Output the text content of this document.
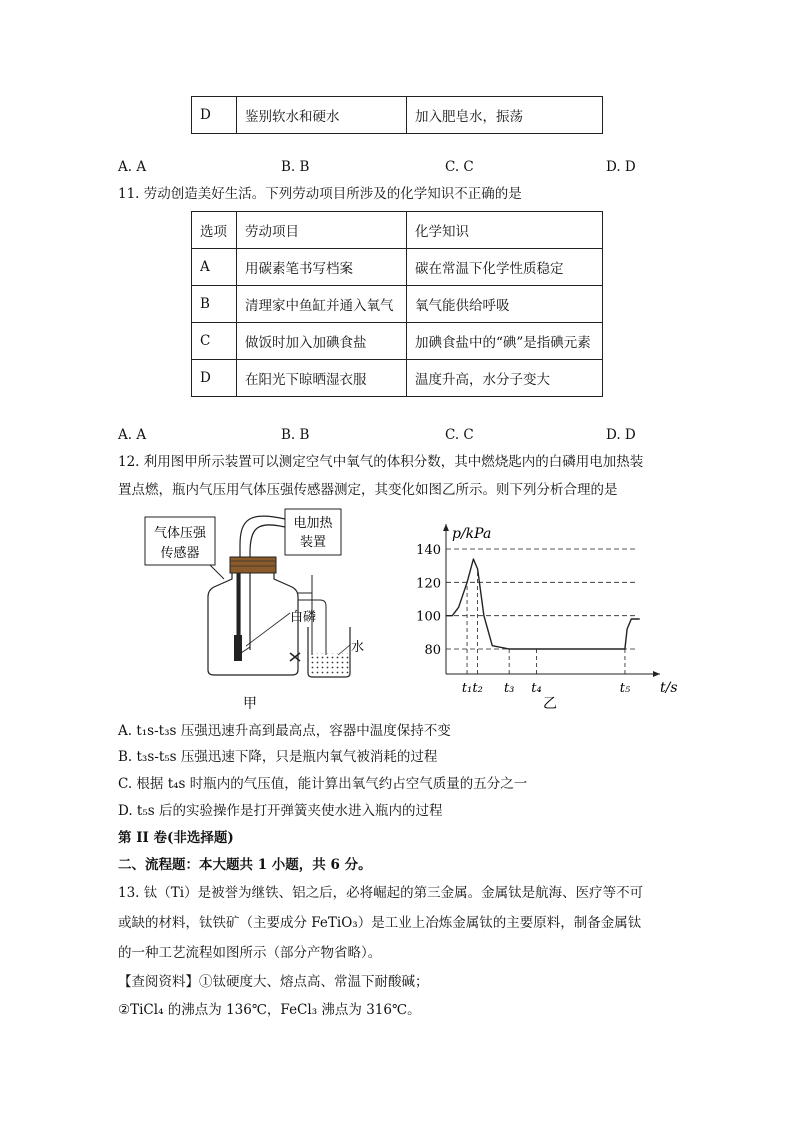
D	鉴别软水和硬水	加入肥皂水，振荡
A. A	B. B	C. C	D. D
11. 劳动创造美好生活。下列劳动项目所涉及的化学知识不正确的是
选项	劳动项目	化学知识
A	用碳素笔书写档案	碳在常温下化学性质稳定
B	清理家中鱼缸并通入氧气	氧气能供给呼吸
C	做饭时加入加碘食盐	加碘食盐中的“碘”是指碘元素
D	在阳光下晾晒湿衣服	温度升高，水分子变大
A. A	B. B	C. C	D. D
12. 利用图甲所示装置可以测定空气中氧气的体积分数，其中燃烧匙内的白磷用电加热装
置点燃，瓶内气压用气体压强传感器测定，其变化如图乙所示。则下列分析合理的是
气体压强
传感器
电加热
装置
白磷
水
甲
p/kPa
t/s
80
100
120
140
t₁ t₂ t₃ t₄	t₅
乙
A. t₁s-t₃s 压强迅速升高到最高点，容器中温度保持不变
B. t₃s-t₅s 压强迅速下降，只是瓶内氧气被消耗的过程
C. 根据 t₄s 时瓶内的气压值，能计算出氧气约占空气质量的五分之一
D. t₅s 后的实验操作是打开弹簧夹使水进入瓶内的过程
第 II 卷(非选择题)
二、流程题：本大题共 1 小题，共 6 分。
13. 钛（Ti）是被誉为继铁、铝之后，必将崛起的第三金属。金属钛是航海、医疗等不可
或缺的材料，钛铁矿（主要成分 FeTiO₃）是工业上冶炼金属钛的主要原料，制备金属钛
的一种工艺流程如图所示（部分产物省略）。
【查阅资料】①钛硬度大、熔点高、常温下耐酸碱；
②TiCl₄ 的沸点为 136℃，FeCl₃ 沸点为 316℃。
